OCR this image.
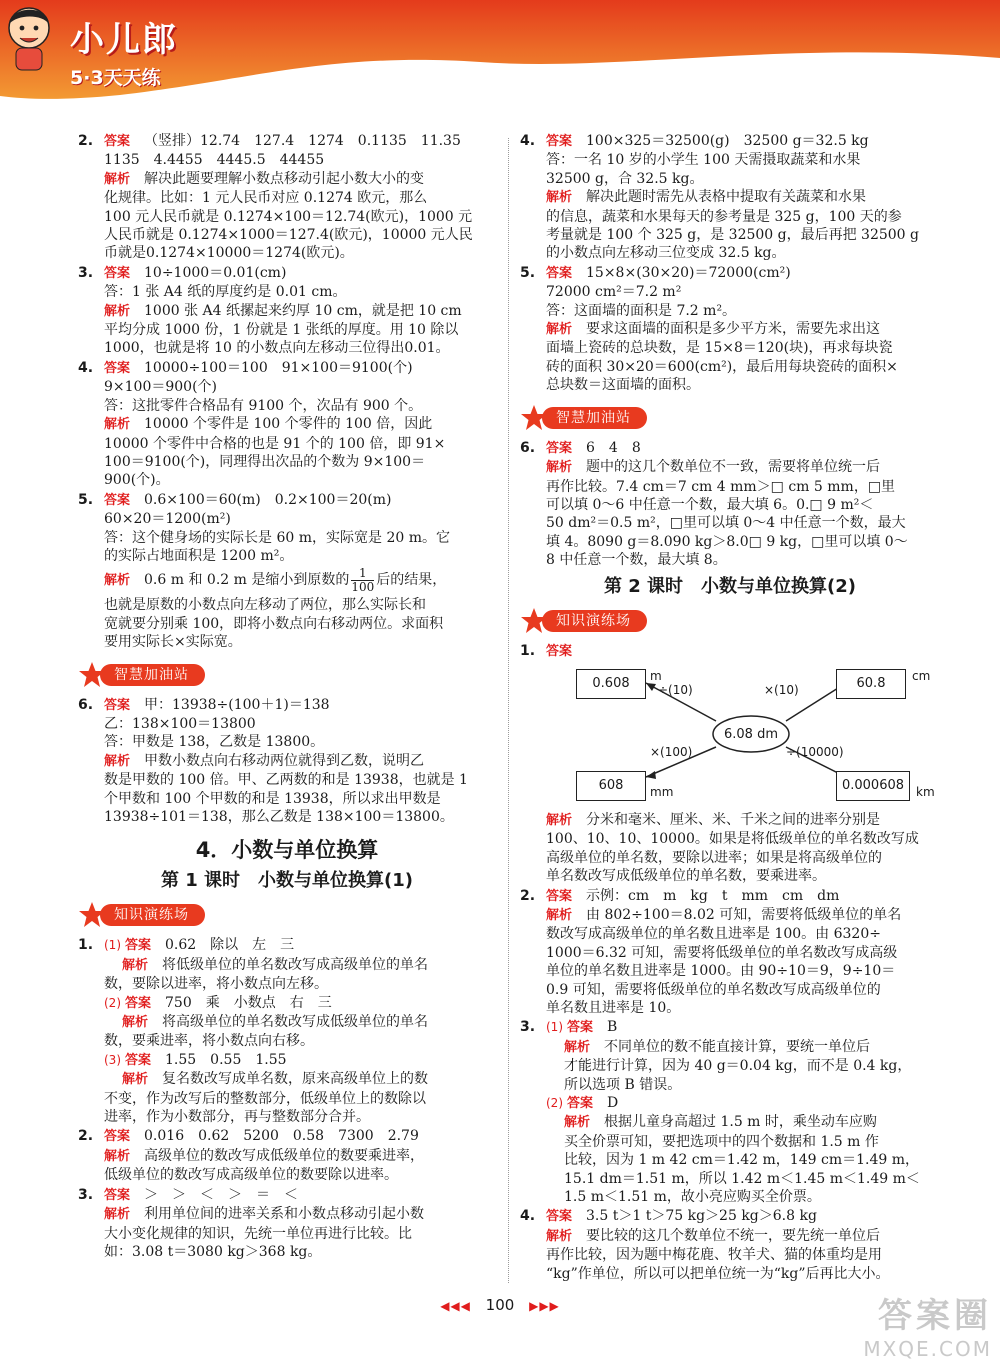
小儿郎
5·3天天练
2. 答案 （竖排）12.74　127.4　1274　0.1135　11.35
1135　4.4455　4445.5　44455
解析 解决此题要理解小数点移动引起小数大小的变
化规律。比如：1 元人民币对应 0.1274 欧元，那么
100 元人民币就是 0.1274×100＝12.74(欧元)，1000 元
人民币就是 0.1274×1000＝127.4(欧元)，10000 元人民
币就是0.1274×10000＝1274(欧元)。
3. 答案 10÷1000＝0.01(cm)
答：1 张 A4 纸的厚度约是 0.01 cm。
解析 1000 张 A4 纸摞起来约厚 10 cm，就是把 10 cm
平均分成 1000 份，1 份就是 1 张纸的厚度。用 10 除以
1000，也就是将 10 的小数点向左移动三位得出0.01。
4. 答案 10000÷100＝100　91×100＝9100(个)
9×100＝900(个)
答：这批零件合格品有 9100 个，次品有 900 个。
解析 10000 个零件是 100 个零件的 100 倍，因此
10000 个零件中合格的也是 91 个的 100 倍，即 91×
100＝9100(个)，同理得出次品的个数为 9×100＝
900(个)。
5. 答案 0.6×100＝60(m)　0.2×100＝20(m)
60×20＝1200(m²)
答：这个健身场的实际长是 60 m，实际宽是 20 m。它
的实际占地面积是 1200 m²。
解析 0.6 m 和 0.2 m 是缩小到原数的 $\frac{1}{100}$ 后的结果，
也就是原数的小数点向左移动了两位，那么实际长和
宽就要分别乘 100，即将小数点向右移动两位。求面积
要用实际长×实际宽。
智慧加油站
6. 答案 甲：13938÷(100＋1)＝138
乙：138×100＝13800
答：甲数是 138，乙数是 13800。
解析 甲数小数点向右移动两位就得到乙数，说明乙
数是甲数的 100 倍。甲、乙两数的和是 13938，也就是 1
个甲数和 100 个甲数的和是 13938，所以求出甲数是
13938÷101＝138，那么乙数是 138×100＝13800。
4．小数与单位换算
第 1 课时　小数与单位换算(1)
知识演练场
1. (1) 答案 0.62　除以　左　三
解析 将低级单位的单名数改写成高级单位的单名
数，要除以进率，将小数点向左移。
(2) 答案 750　乘　小数点　右　三
解析 将高级单位的单名数改写成低级单位的单名
数，要乘进率，将小数点向右移。
(3) 答案 1.55　0.55　1.55
解析 复名数改写成单名数，原来高级单位上的数
不变，作为改写后的整数部分，低级单位上的数除以
进率，作为小数部分，再与整数部分合并。
2. 答案 0.016　0.62　5200　0.58　7300　2.79
解析 高级单位的数改写成低级单位的数要乘进率，
低级单位的数改写成高级单位的数要除以进率。
3. 答案 ＞　＞　＜　＞　＝　＜
解析 利用单位间的进率关系和小数点移动引起小数
大小变化规律的知识，先统一单位再进行比较。比
如：3.08 t＝3080 kg＞368 kg。
4. 答案 100×325＝32500(g)　32500 g＝32.5 kg
答：一名 10 岁的小学生 100 天需摄取蔬菜和水果
32500 g，合 32.5 kg。
解析 解决此题时需先从表格中提取有关蔬菜和水果
的信息，蔬菜和水果每天的参考量是 325 g，100 天的参
考量就是 100 个 325 g，是 32500 g，最后再把 32500 g
的小数点向左移动三位变成 32.5 kg。
5. 答案 15×8×(30×20)＝72000(cm²)
72000 cm²＝7.2 m²
答：这面墙的面积是 7.2 m²。
解析 要求这面墙的面积是多少平方米，需要先求出这
面墙上瓷砖的总块数，是 15×8＝120(块)，再求每块瓷
砖的面积 30×20＝600(cm²)，最后用每块瓷砖的面积×
总块数＝这面墙的面积。
智慧加油站
6. 答案 6　4　8
解析 题中的这几个数单位不一致，需要将单位统一后
再作比较。7.4 cm＝7 cm 4 mm＞□ cm 5 mm，□里
可以填 0～6 中任意一个数，最大填 6。0.□ 9 m²＜
50 dm²＝0.5 m²，□里可以填 0～4 中任意一个数，最大
填 4。8090 g＝8.090 kg＞8.0□ 9 kg，□里可以填 0～
8 中任意一个数，最大填 8。
第 2 课时　小数与单位换算(2)
知识演练场
1. 答案
6.08 dm
0.608	m
÷(10)	60.8	cm
×(10)
608	mm
×(100)
0.000608 km
÷(10000)
解析 分米和毫米、厘米、米、千米之间的进率分别是
100、10、10、10000。如果是将低级单位的单名数改写成
高级单位的单名数，要除以进率；如果是将高级单位的
单名数改写成低级单位的单名数，要乘进率。
2. 答案 示例：cm　m　kg　t　mm　cm　dm
解析 由 802÷100＝8.02 可知，需要将低级单位的单名
数改写成高级单位的单名数且进率是 100。由 6320÷
1000＝6.32 可知，需要将低级单位的单名数改写成高级
单位的单名数且进率是 1000。由 90÷10＝9，9÷10＝
0.9 可知，需要将低级单位的单名数改写成高级单位的
单名数且进率是 10。
3. (1) 答案 B
解析 不同单位的数不能直接计算，要统一单位后
才能进行计算，因为 40 g＝0.04 kg，而不是 0.4 kg，
所以选项 B 错误。
(2) 答案 D
解析 根据儿童身高超过 1.5 m 时，乘坐动车应购
买全价票可知，要把选项中的四个数据和 1.5 m 作
比较，因为 1 m 42 cm＝1.42 m，149 cm＝1.49 m，
15.1 dm＝1.51 m，所以 1.42 m＜1.45 m＜1.49 m＜
1.5 m＜1.51 m，故小亮应购买全价票。
4. 答案 3.5 t＞1 t＞75 kg＞25 kg＞6.8 kg
解析 要比较的这几个数单位不统一，要先统一单位后
再作比较，因为题中梅花鹿、牧羊犬、猫的体重均是用
“kg”作单位，所以可以把单位统一为“kg”后再比大小。
◀◀◀ 100 ▶▶▶	答案圈
MXQE.COM
